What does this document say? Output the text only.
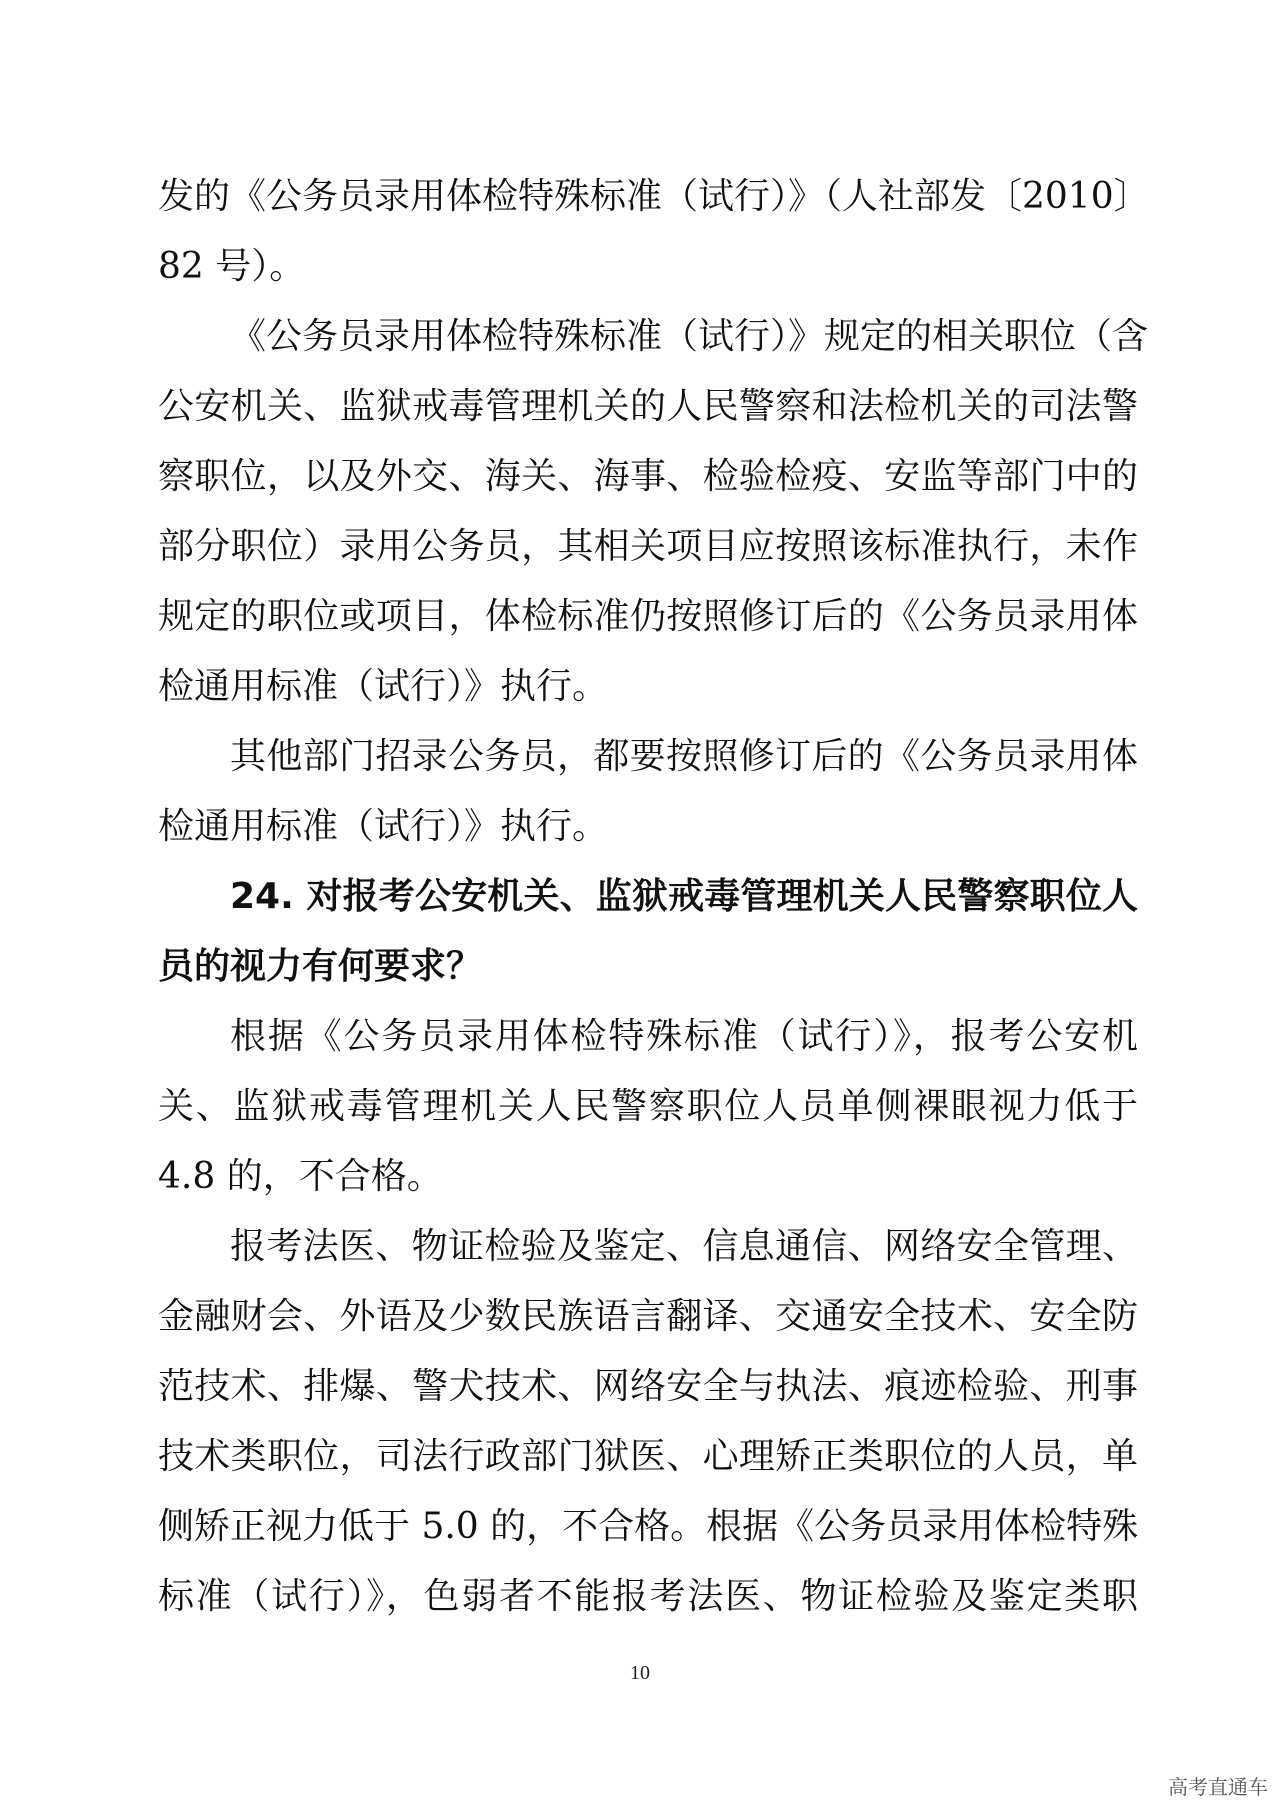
发的《公务员录用体检特殊标准（试行）》（人社部发〔2010〕
82 号）。
《公务员录用体检特殊标准（试行）》规定的相关职位（含
公安机关、监狱戒毒管理机关的人民警察和法检机关的司法警
察职位，以及外交、海关、海事、检验检疫、安监等部门中的
部分职位）录用公务员，其相关项目应按照该标准执行，未作
规定的职位或项目，体检标准仍按照修订后的《公务员录用体
检通用标准（试行）》执行。
其他部门招录公务员，都要按照修订后的《公务员录用体
检通用标准（试行）》执行。
24. 对报考公安机关、监狱戒毒管理机关人民警察职位人
员的视力有何要求？
根据《公务员录用体检特殊标准（试行）》，报考公安机
关、监狱戒毒管理机关人民警察职位人员单侧裸眼视力低于
4.8 的，不合格。
报考法医、物证检验及鉴定、信息通信、网络安全管理、
金融财会、外语及少数民族语言翻译、交通安全技术、安全防
范技术、排爆、警犬技术、网络安全与执法、痕迹检验、刑事
技术类职位，司法行政部门狱医、心理矫正类职位的人员，单
侧矫正视力低于 5.0 的，不合格。根据《公务员录用体检特殊
标准（试行）》，色弱者不能报考法医、物证检验及鉴定类职
10
高考直通车
